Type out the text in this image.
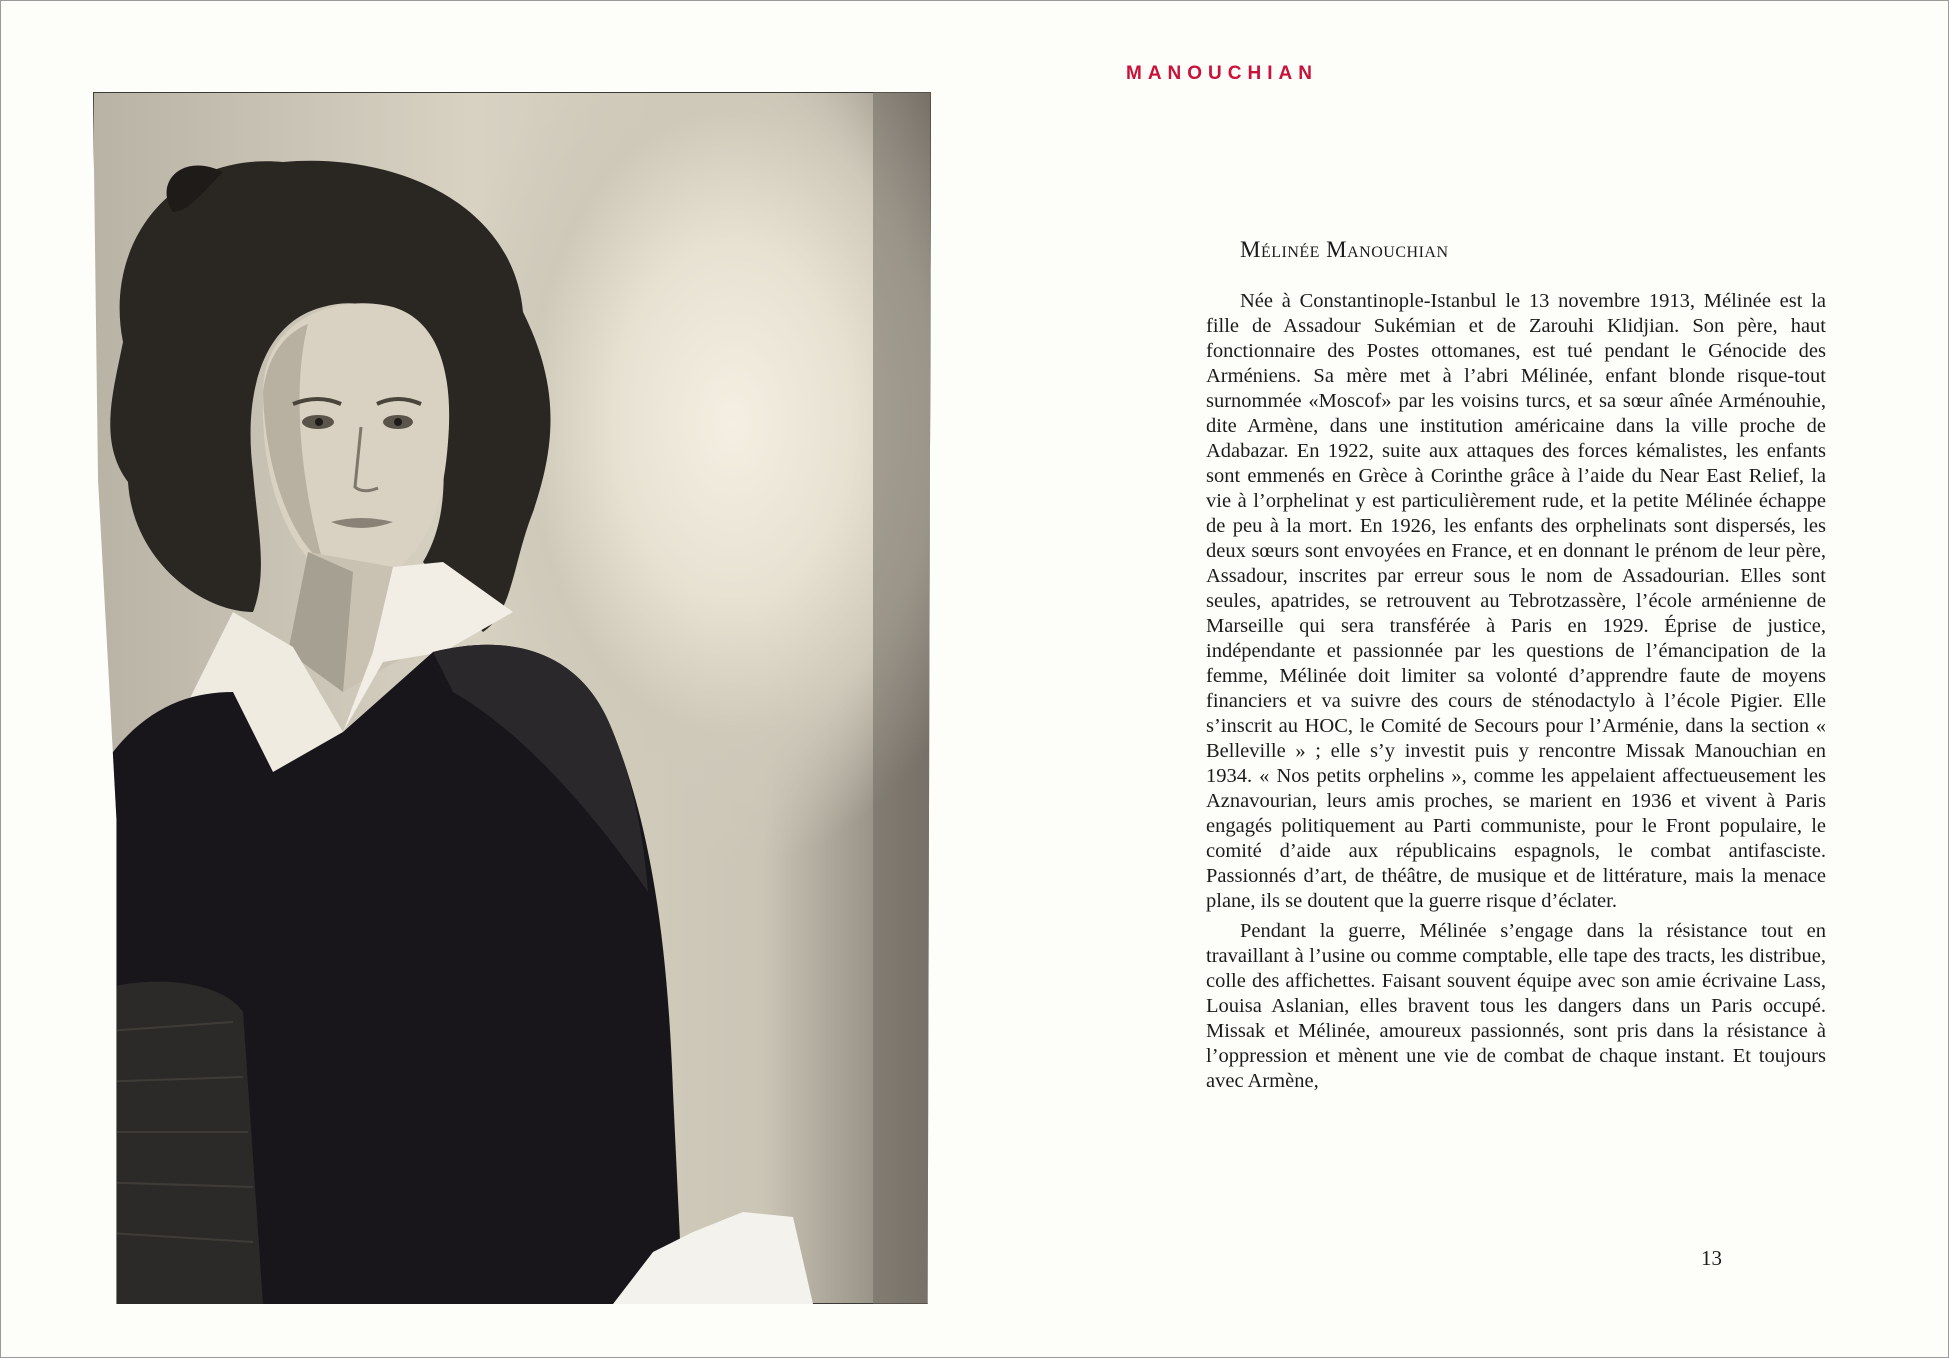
MANOUCHIAN
Mélinée Manouchian

Née à Constantinople-Istanbul le 13 novembre 1913, Mélinée est la fille de Assadour Sukémian et de Zarouhi Klidjian. Son père, haut fonctionnaire des Postes ottomanes, est tué pendant le Génocide des Arméniens. Sa mère met à l’abri Mélinée, enfant blonde risque-tout surnommée «Moscof» par les voisins turcs, et sa sœur aînée Arménouhie, dite Armène, dans une institution américaine dans la ville proche de Adabazar. En 1922, suite aux attaques des forces kémalistes, les enfants sont emmenés en Grèce à Corinthe grâce à l’aide du Near East Relief, la vie à l’orphelinat y est particulièrement rude, et la petite Mélinée échappe de peu à la mort. En 1926, les enfants des orphelinats sont dispersés, les deux sœurs sont envoyées en France, et en donnant le prénom de leur père, Assadour, inscrites par erreur sous le nom de Assadourian. Elles sont seules, apatrides, se retrouvent au Tebrotzassère, l’école arménienne de Marseille qui sera transférée à Paris en 1929. Éprise de justice, indépendante et passionnée par les questions de l’émancipation de la femme, Mélinée doit limiter sa volonté d’apprendre faute de moyens financiers et va suivre des cours de sténodactylo à l’école Pigier. Elle s’inscrit au HOC, le Comité de Secours pour l’Arménie, dans la section « Belleville » ; elle s’y investit puis y rencontre Missak Manouchian en 1934. « Nos petits orphelins », comme les appelaient affectueusement les Aznavourian, leurs amis proches, se marient en 1936 et vivent à Paris engagés politiquement au Parti communiste, pour le Front populaire, le comité d’aide aux républicains espagnols, le combat antifasciste. Passionnés d’art, de théâtre, de musique et de littérature, mais la menace plane, ils se doutent que la guerre risque d’éclater.

Pendant la guerre, Mélinée s’engage dans la résistance tout en travaillant à l’usine ou comme comptable, elle tape des tracts, les distribue, colle des affichettes. Faisant souvent équipe avec son amie écrivaine Lass, Louisa Aslanian, elles bravent tous les dangers dans un Paris occupé. Missak et Mélinée, amoureux passionnés, sont pris dans la résistance à l’oppression et mènent une vie de combat de chaque instant. Et toujours avec Armène,

13
